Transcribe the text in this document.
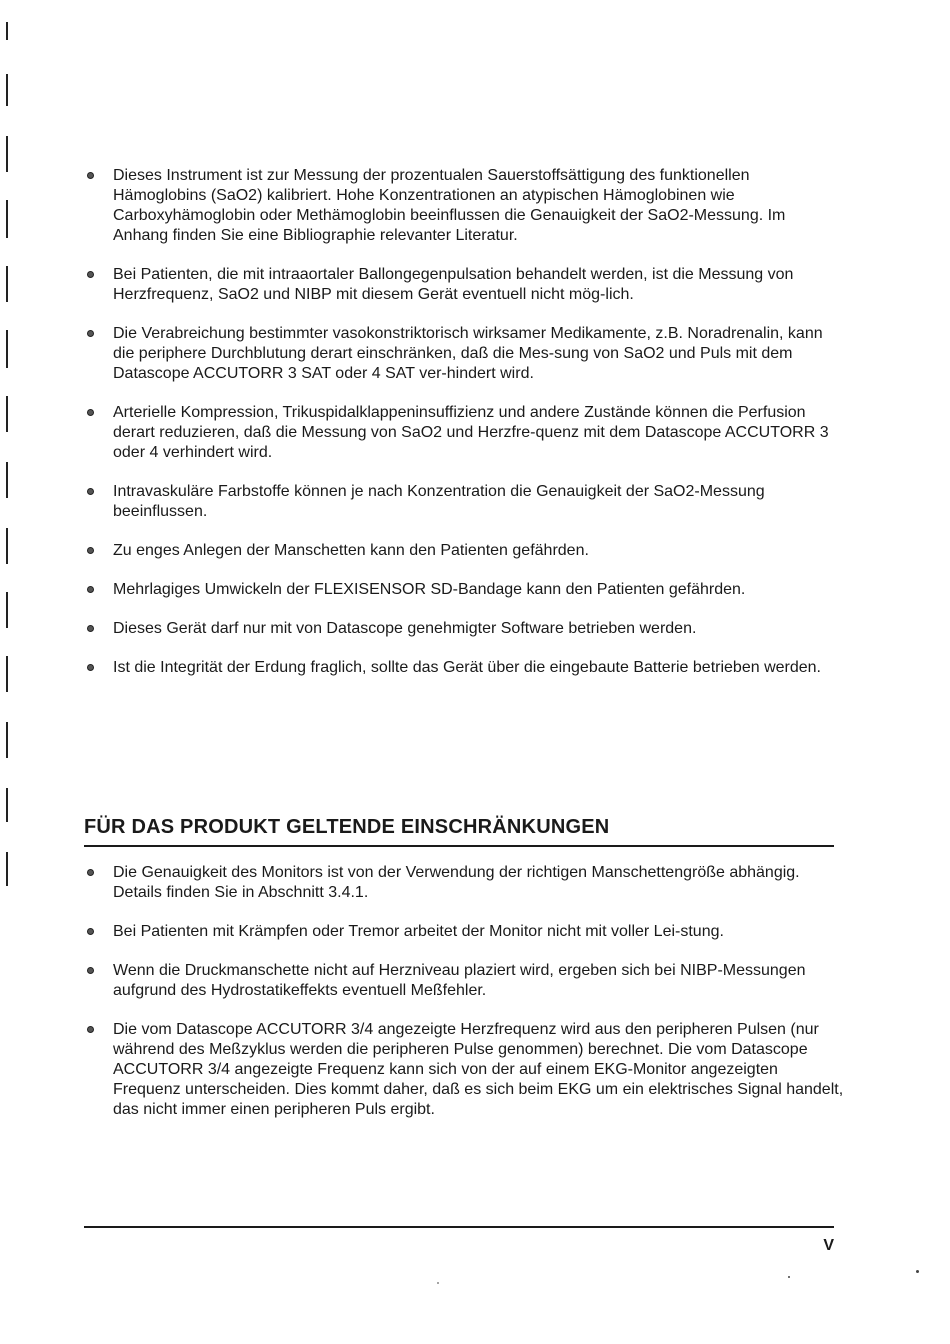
Dieses Instrument ist zur Messung der prozentualen Sauerstoffsättigung des funktionellen Hämoglobins (SaO2) kalibriert. Hohe Konzentrationen an atypischen Hämoglobinen wie Carboxyhämoglobin oder Methämoglobin beeinflussen die Genauigkeit der SaO2-Messung. Im Anhang finden Sie eine Bibliographie relevanter Literatur.
Bei Patienten, die mit intraaortaler Ballongegenpulsation behandelt werden, ist die Messung von Herzfrequenz, SaO2 und NIBP mit diesem Gerät eventuell nicht mög-lich.
Die Verabreichung bestimmter vasokonstriktorisch wirksamer Medikamente, z.B. Noradrenalin, kann die periphere Durchblutung derart einschränken, daß die Mes-sung von SaO2 und Puls mit dem Datascope ACCUTORR 3 SAT oder 4 SAT ver-hindert wird.
Arterielle Kompression, Trikuspidalklappeninsuffizienz und andere Zustände können die Perfusion derart reduzieren, daß die Messung von SaO2 und Herzfre-quenz mit dem Datascope ACCUTORR 3 oder 4 verhindert wird.
Intravaskuläre Farbstoffe können je nach Konzentration die Genauigkeit der SaO2-Messung beeinflussen.
Zu enges Anlegen der Manschetten kann den Patienten gefährden.
Mehrlagiges Umwickeln der FLEXISENSOR SD-Bandage kann den Patienten gefährden.
Dieses Gerät darf nur mit von Datascope genehmigter Software betrieben werden.
Ist die Integrität der Erdung fraglich, sollte das Gerät über die eingebaute Batterie betrieben werden.
FÜR DAS PRODUKT GELTENDE EINSCHRÄNKUNGEN
Die Genauigkeit des Monitors ist von der Verwendung der richtigen Manschettengröße abhängig. Details finden Sie in Abschnitt 3.4.1.
Bei Patienten mit Krämpfen oder Tremor arbeitet der Monitor nicht mit voller Lei-stung.
Wenn die Druckmanschette nicht auf Herzniveau plaziert wird, ergeben sich bei NIBP-Messungen aufgrund des Hydrostatikeffekts eventuell Meßfehler.
Die vom Datascope ACCUTORR 3/4 angezeigte Herzfrequenz wird aus den peripheren Pulsen (nur während des Meßzyklus werden die peripheren Pulse genommen) berechnet. Die vom Datascope ACCUTORR 3/4 angezeigte Frequenz kann sich von der auf einem EKG-Monitor angezeigten Frequenz unterscheiden. Dies kommt daher, daß es sich beim EKG um ein elektrisches Signal handelt, das nicht immer einen peripheren Puls ergibt.
V
